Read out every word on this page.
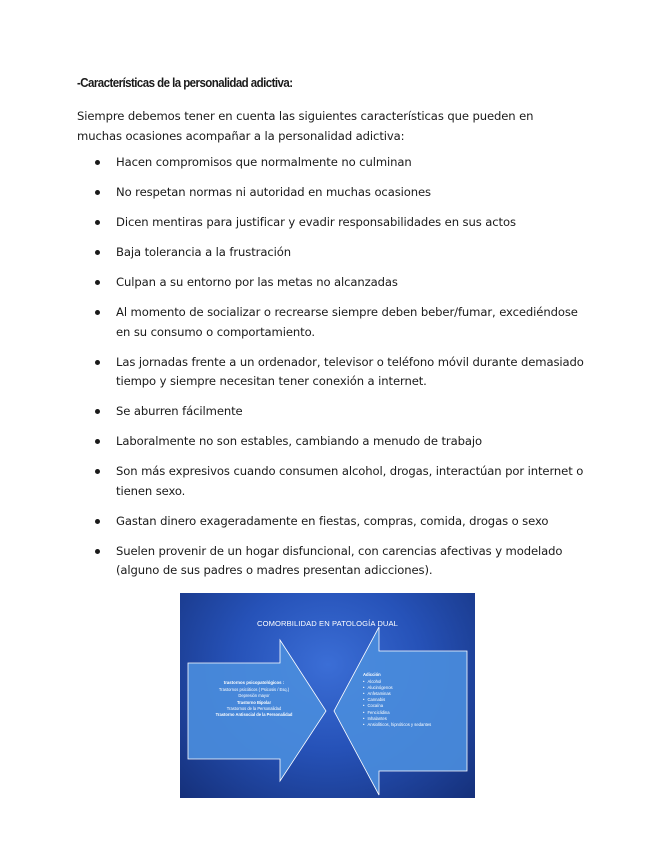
-Características de la personalidad adictiva:
Siempre debemos tener en cuenta las siguientes características que pueden en muchas ocasiones acompañar a la personalidad adictiva:
Hacen compromisos que normalmente no culminan
No respetan normas ni autoridad en muchas ocasiones
Dicen mentiras para justificar y evadir responsabilidades en sus actos
Baja tolerancia a la frustración
Culpan a su entorno por las metas no alcanzadas
Al momento de socializar o recrearse siempre deben beber/fumar, excediéndose en su consumo o comportamiento.
Las jornadas frente a un ordenador, televisor o teléfono móvil durante demasiado tiempo y siempre necesitan tener conexión a internet.
Se aburren fácilmente
Laboralmente no son estables, cambiando a menudo de trabajo
Son más expresivos cuando consumen alcohol, drogas, interactúan por internet o tienen sexo.
Gastan dinero exageradamente en fiestas, compras, comida, drogas o sexo
Suelen provenir de un hogar disfuncional, con carencias afectivas y modelado (alguno de sus padres o madres presentan adicciones).
COMORBILIDAD EN PATOLOGÍA DUAL
trastornos psicopatológicos :
Trastornos psicóticos ( Psicosis / Esq.)
Depresión mayor
Trastorno Bipolar
Trastornos de la Personalidad
Trastorno Antisocial de la Personalidad
Adicción
• Alcohol
• Alucinógenos
• Anfetaminas
• Cannabis
• Cocaína
• Fenciclidina
• Inhalantes
• Ansiolíticos, hipnóticos y sedantes
